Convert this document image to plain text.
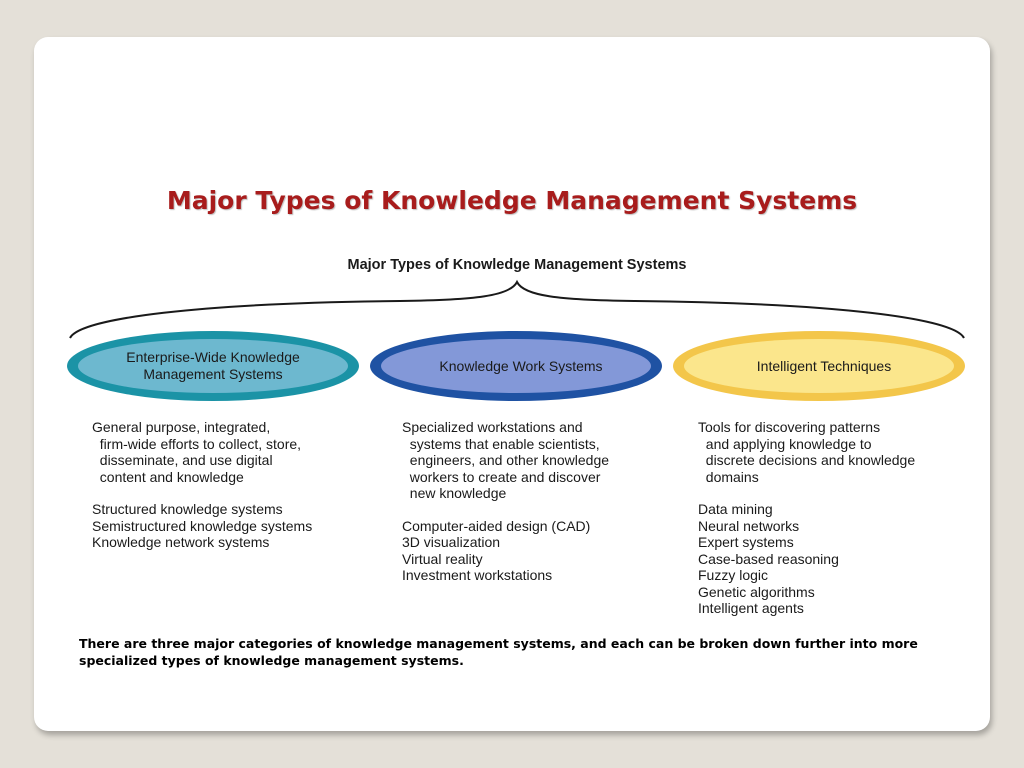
Major Types of Knowledge Management Systems
Major Types of Knowledge Management Systems
Enterprise-Wide Knowledge
Management Systems
Knowledge Work Systems	Intelligent Techniques
General purpose, integrated,
firm-wide efforts to collect, store,
disseminate, and use digital
content and knowledge
Structured knowledge systems
Semistructured knowledge systems
Knowledge network systems
Specialized workstations and
systems that enable scientists,
engineers, and other knowledge
workers to create and discover
new knowledge
Computer-aided design (CAD)
3D visualization
Virtual reality
Investment workstations
Tools for discovering patterns
and applying knowledge to
discrete decisions and knowledge
domains
Data mining
Neural networks
Expert systems
Case-based reasoning
Fuzzy logic
Genetic algorithms
Intelligent agents
There are three major categories of knowledge management systems, and each can be broken down further into more specialized types of knowledge management systems.
